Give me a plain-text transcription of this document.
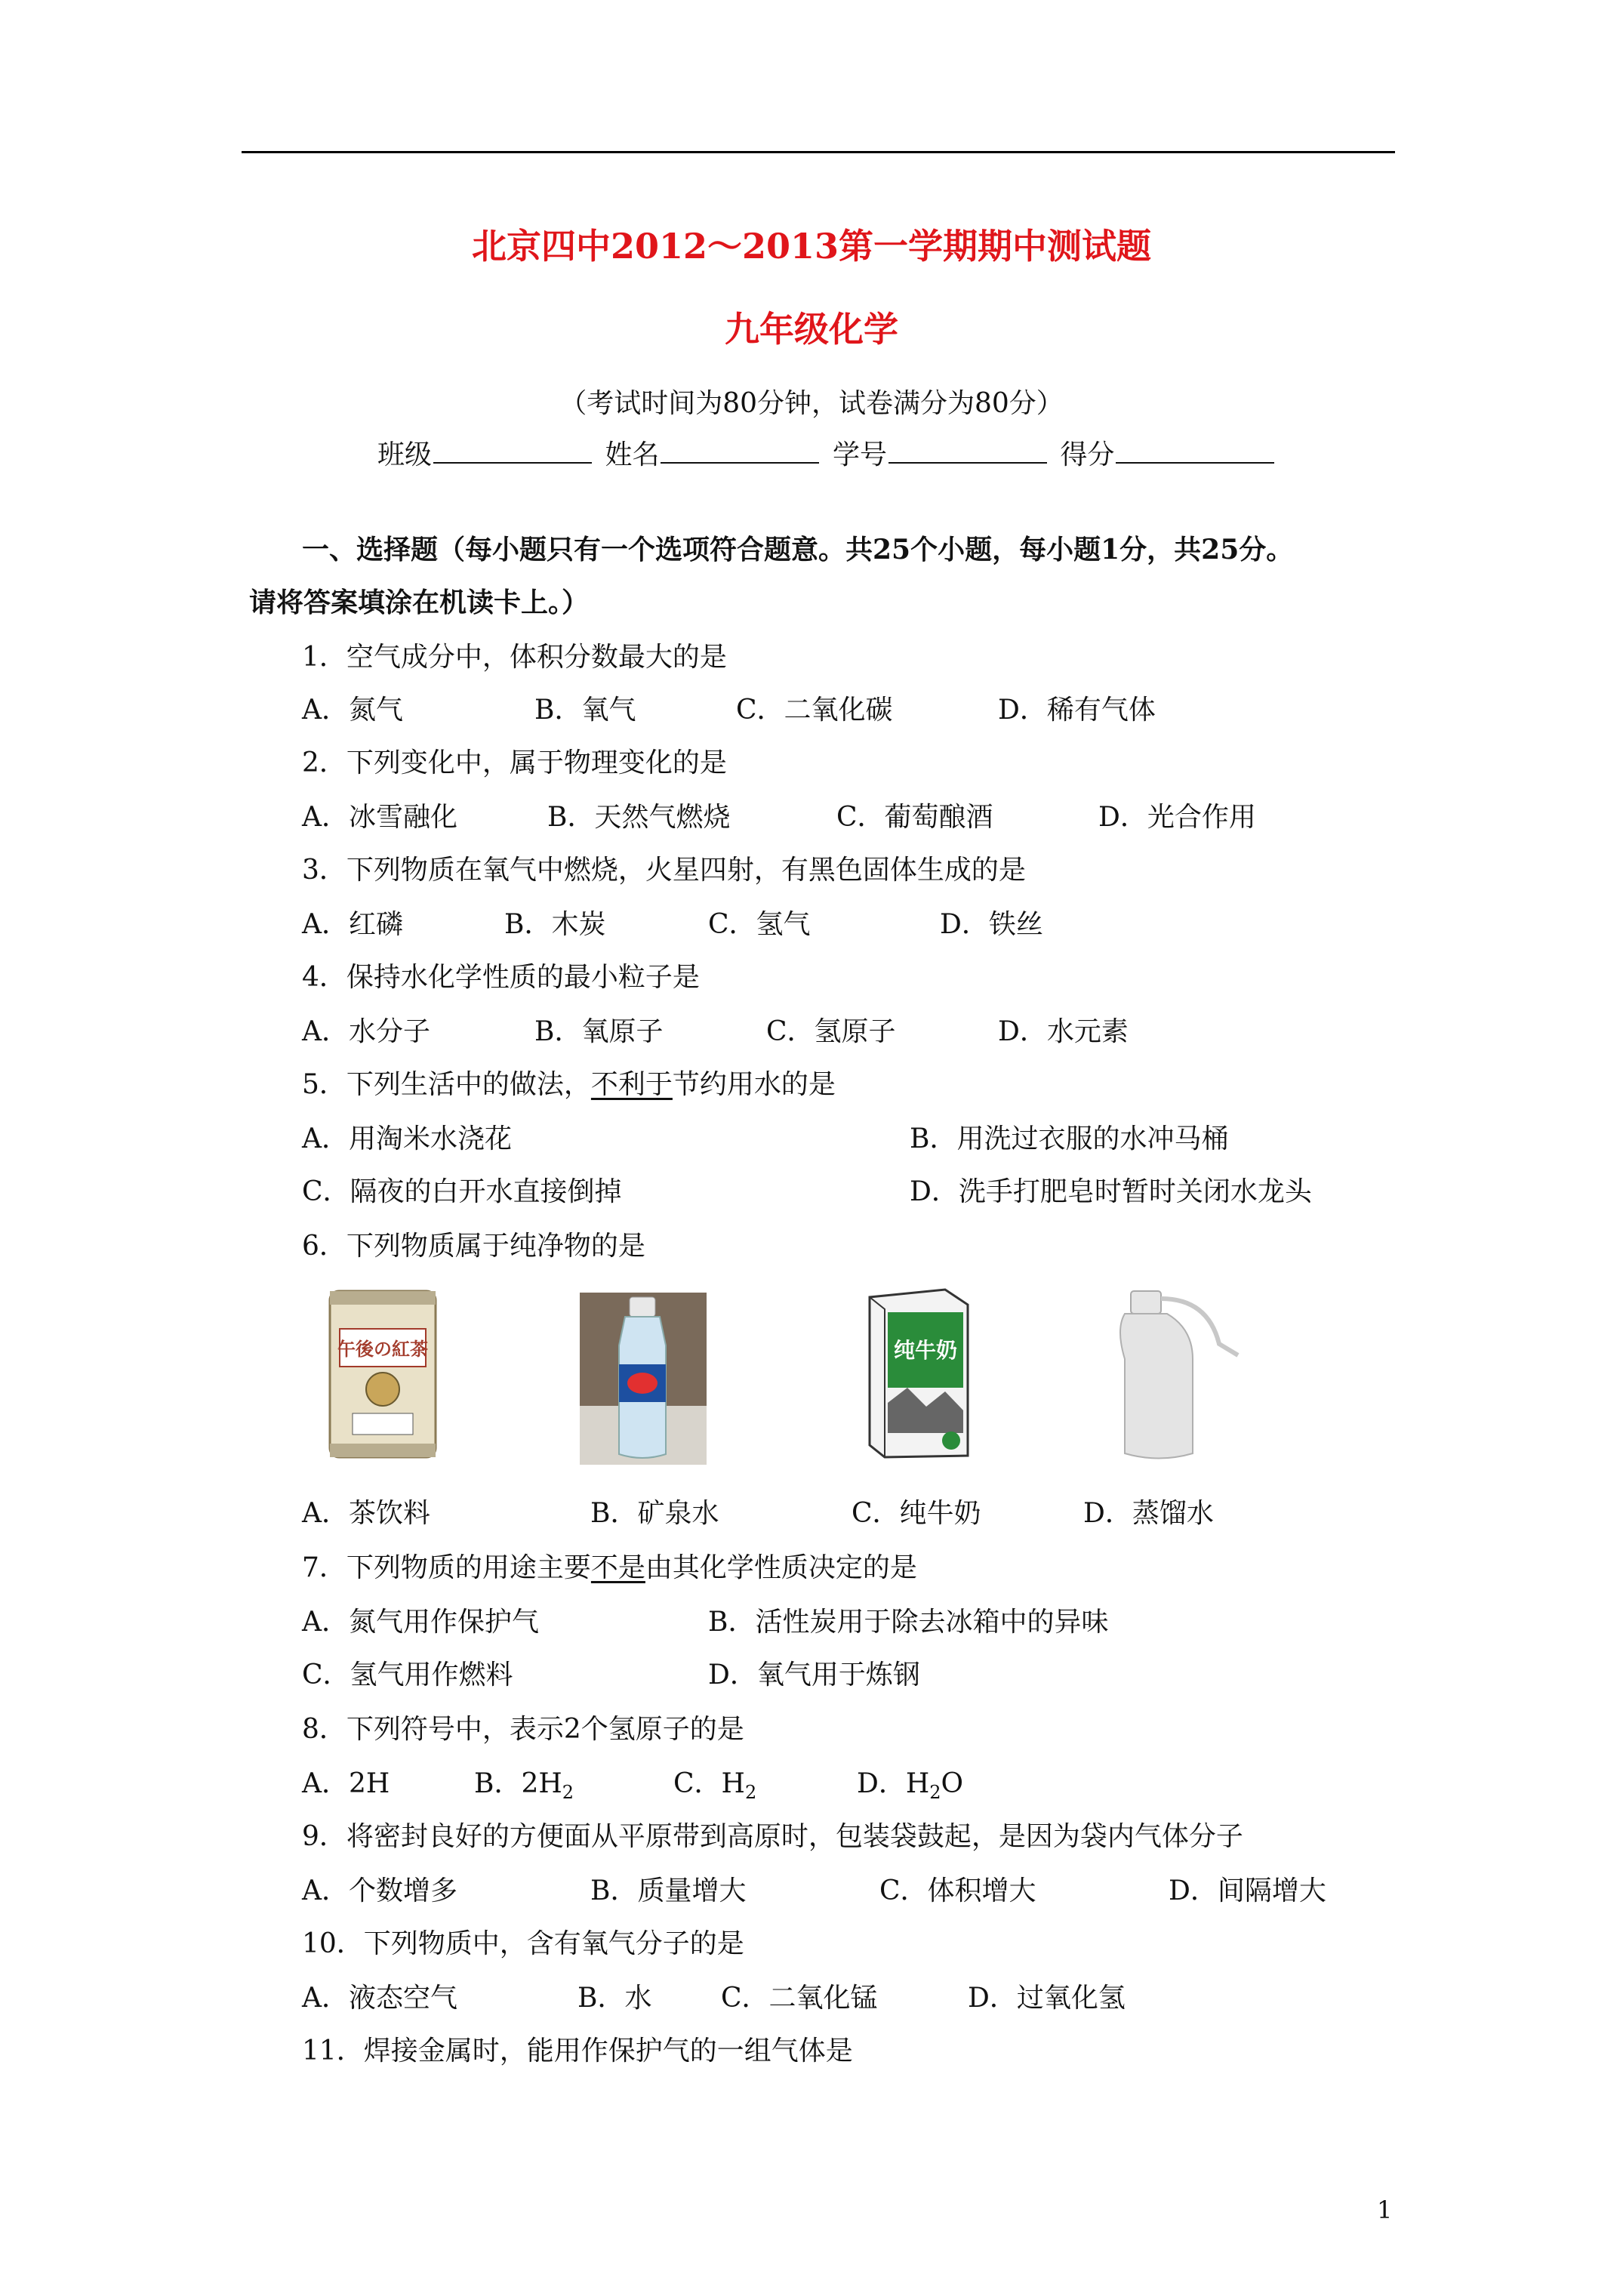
北京四中2012～2013第一学期期中测试题
九年级化学
（考试时间为80分钟，试卷满分为80分）
班级	姓名	学号	得分
一、选择题（每小题只有一个选项符合题意。共25个小题，每小题1分，共25分。
请将答案填涂在机读卡上。）
1．空气成分中，体积分数最大的是
A．氮气	B．氧气	C．二氧化碳	D．稀有气体
2．下列变化中，属于物理变化的是
A．冰雪融化	B．天然气燃烧	C．葡萄酿酒	D．光合作用
3．下列物质在氧气中燃烧，火星四射，有黑色固体生成的是
A．红磷	B．木炭	C．氢气	D．铁丝
4．保持水化学性质的最小粒子是
A．水分子	B．氧原子	C．氢原子	D．水元素
5．下列生活中的做法，不利于节约用水的是
A．用淘米水浇花	B．用洗过衣服的水冲马桶
C．隔夜的白开水直接倒掉	D．洗手打肥皂时暂时关闭水龙头
6．下列物质属于纯净物的是
午後の紅茶	纯牛奶
A．茶饮料	B．矿泉水	C．纯牛奶	D．蒸馏水
7．下列物质的用途主要不是由其化学性质决定的是
A．氮气用作保护气	B．活性炭用于除去冰箱中的异味
C．氢气用作燃料	D．氧气用于炼钢
8．下列符号中，表示2个氢原子的是
A．2H	B．$2H_2$	C．$H_2$	D．$H_2O$
9．将密封良好的方便面从平原带到高原时，包装袋鼓起，是因为袋内气体分子
A．个数增多	B．质量增大	C．体积增大	D．间隔增大
10．下列物质中，含有氧气分子的是
A．液态空气	B．水	C．二氧化锰	D．过氧化氢
11．焊接金属时，能用作保护气的一组气体是
1
